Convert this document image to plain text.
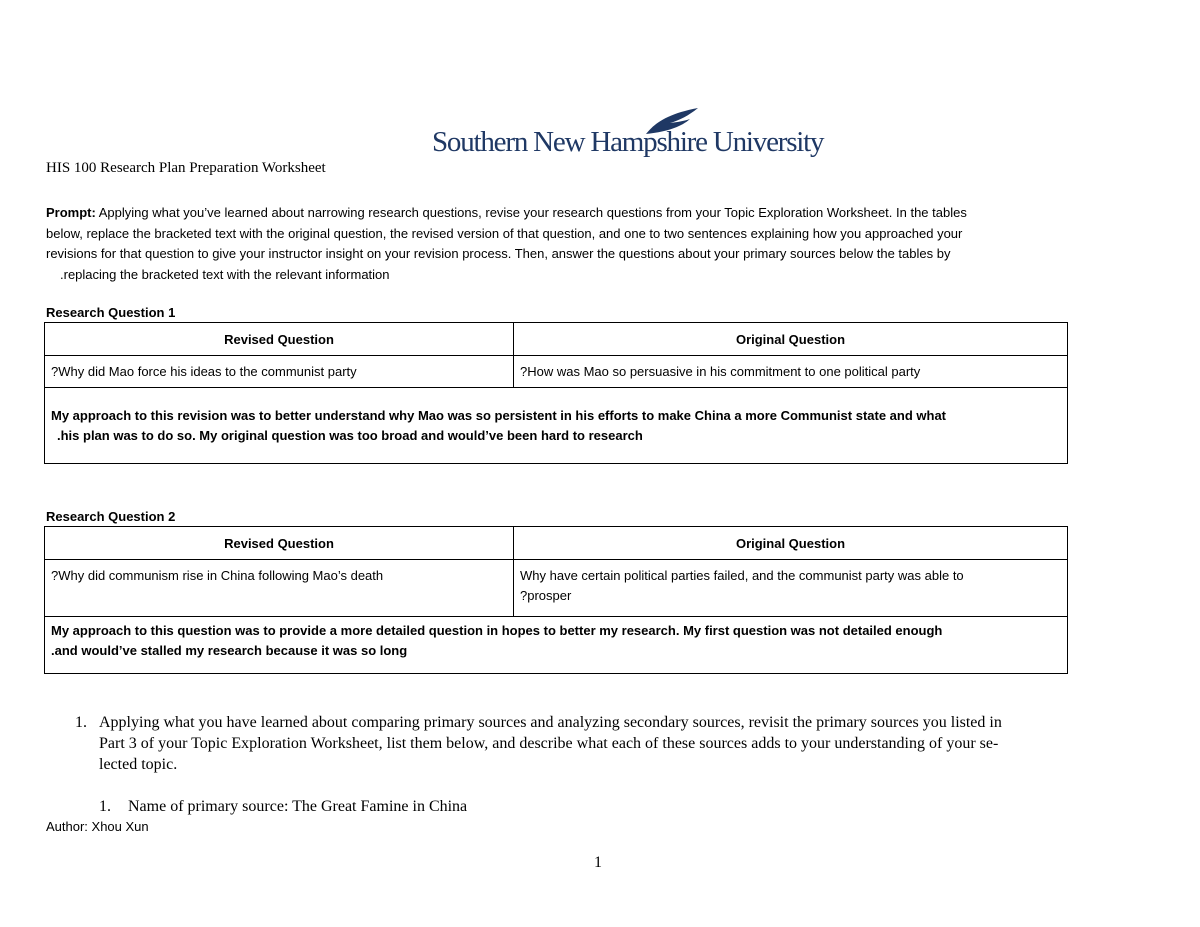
Southern New Hampshire University
HIS 100 Research Plan Preparation Worksheet
Prompt: Applying what you’ve learned about narrowing research questions, revise your research questions from your Topic Exploration Worksheet. In the tables
below, replace the bracketed text with the original question, the revised version of that question, and one to two sentences explaining how you approached your
revisions for that question to give your instructor insight on your revision process. Then, answer the questions about your primary sources below the tables by
.replacing the bracketed text with the relevant information
Research Question 1
Revised Question	Original Question
?Why did Mao force his ideas to the communist party	?How was Mao so persuasive in his commitment to one political party

My approach to this revision was to better understand why Mao was so persistent in his efforts to make China a more Communist state and what
.his plan was to do so. My original question was too broad and would’ve been hard to research	
Research Question 2
Revised Question	Original Question
?Why did communism rise in China following Mao’s death	Why have certain political parties failed, and the communist party was able to
?prosper

My approach to this question was to provide a more detailed question in hopes to better my research. My first question was not detailed enough
.and would’ve stalled my research because it was so long	
1. Applying what you have learned about comparing primary sources and analyzing secondary sources, revisit the primary sources you listed in
Part 3 of your Topic Exploration Worksheet, list them below, and describe what each of these sources adds to your understanding of your se-
lected topic.
1. Name of primary source: The Great Famine in China
Author: Xhou Xun
1
